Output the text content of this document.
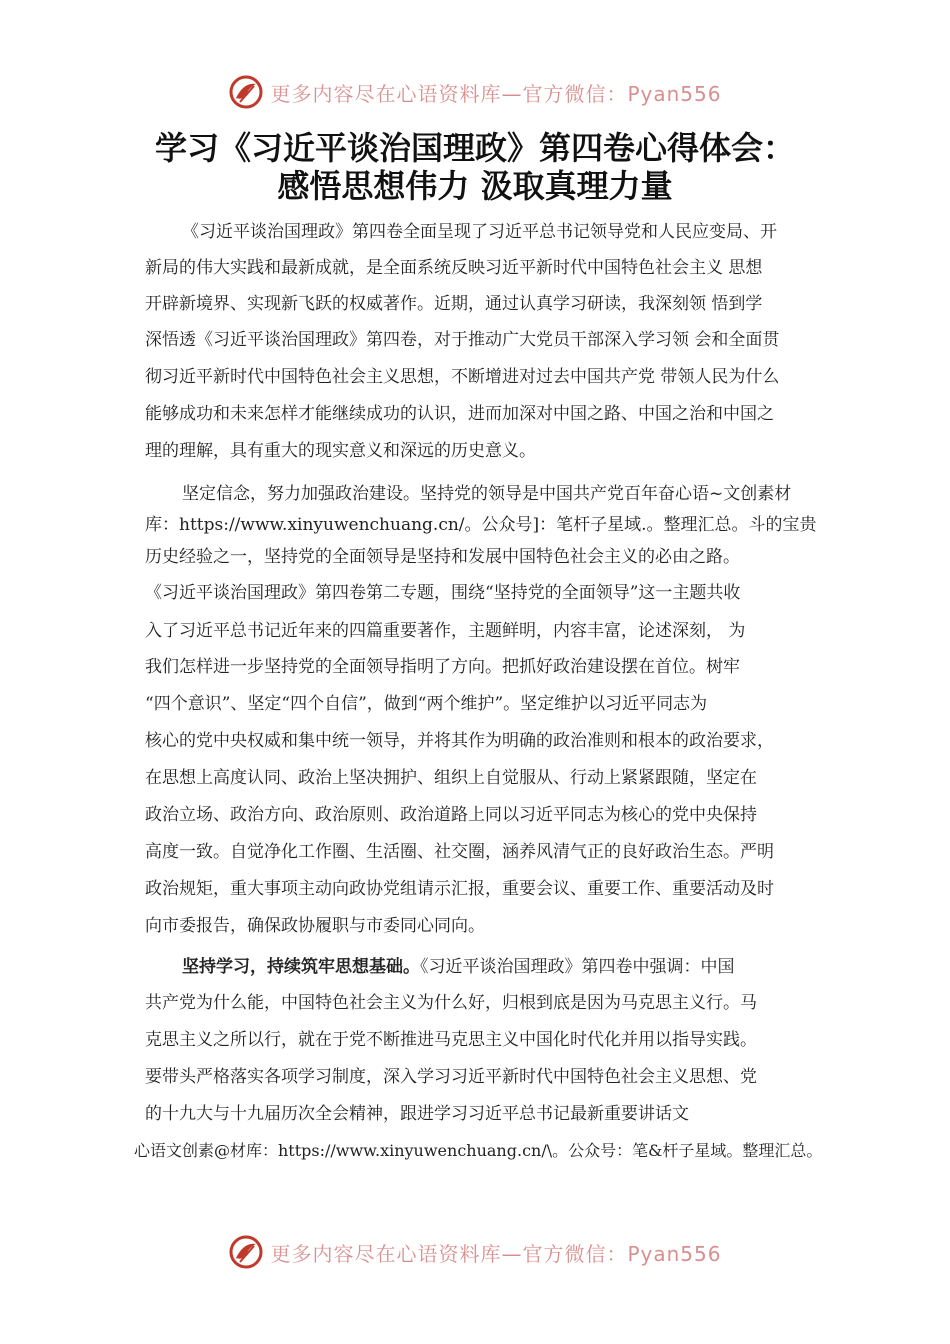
更多内容尽在心语资料库—官方微信：Pyan556
学习《习近平谈治国理政》第四卷心得体会：
感悟思想伟力 汲取真理力量
《习近平谈治国理政》第四卷全面呈现了习近平总书记领导党和人民应变局、开
新局的伟大实践和最新成就，是全面系统反映习近平新时代中国特色社会主义 思想
开辟新境界、实现新飞跃的权威著作。近期，通过认真学习研读，我深刻领 悟到学
深悟透《习近平谈治国理政》第四卷，对于推动广大党员干部深入学习领 会和全面贯
彻习近平新时代中国特色社会主义思想，不断增进对过去中国共产党 带领人民为什么
能够成功和未来怎样才能继续成功的认识，进而加深对中国之路、中国之治和中国之
理的理解，具有重大的现实意义和深远的历史意义。
坚定信念，努力加强政治建设。坚持党的领导是中国共产党百年奋心语~文创素材
库：https://www.xinyuwenchuang.cn/。公众号]：笔杆子星域.。整理汇总。斗的宝贵
历史经验之一，坚持党的全面领导是坚持和发展中国特色社会主义的必由之路。
《习近平谈治国理政》第四卷第二专题，围绕“坚持党的全面领导”这一主题共收
入了习近平总书记近年来的四篇重要著作，主题鲜明，内容丰富，论述深刻， 为
我们怎样进一步坚持党的全面领导指明了方向。把抓好政治建设摆在首位。树牢
“四个意识”、坚定“四个自信”，做到“两个维护”。坚定维护以习近平同志为
核心的党中央权威和集中统一领导，并将其作为明确的政治准则和根本的政治要求，
在思想上高度认同、政治上坚决拥护、组织上自觉服从、行动上紧紧跟随，坚定在
政治立场、政治方向、政治原则、政治道路上同以习近平同志为核心的党中央保持
高度一致。自觉净化工作圈、生活圈、社交圈，涵养风清气正的良好政治生态。严明
政治规矩，重大事项主动向政协党组请示汇报，重要会议、重要工作、重要活动及时
向市委报告，确保政协履职与市委同心同向。
坚持学习，持续筑牢思想基础。《习近平谈治国理政》第四卷中强调：中国
共产党为什么能，中国特色社会主义为什么好，归根到底是因为马克思主义行。马
克思主义之所以行，就在于党不断推进马克思主义中国化时代化并用以指导实践。
要带头严格落实各项学习制度，深入学习习近平新时代中国特色社会主义思想、党
的十九大与十九届历次全会精神，跟进学习习近平总书记最新重要讲话文
心语文创素@材库：https://www.xinyuwenchuang.cn/\。公众号：笔&杆子星域。整理汇总。
更多内容尽在心语资料库—官方微信：Pyan556
